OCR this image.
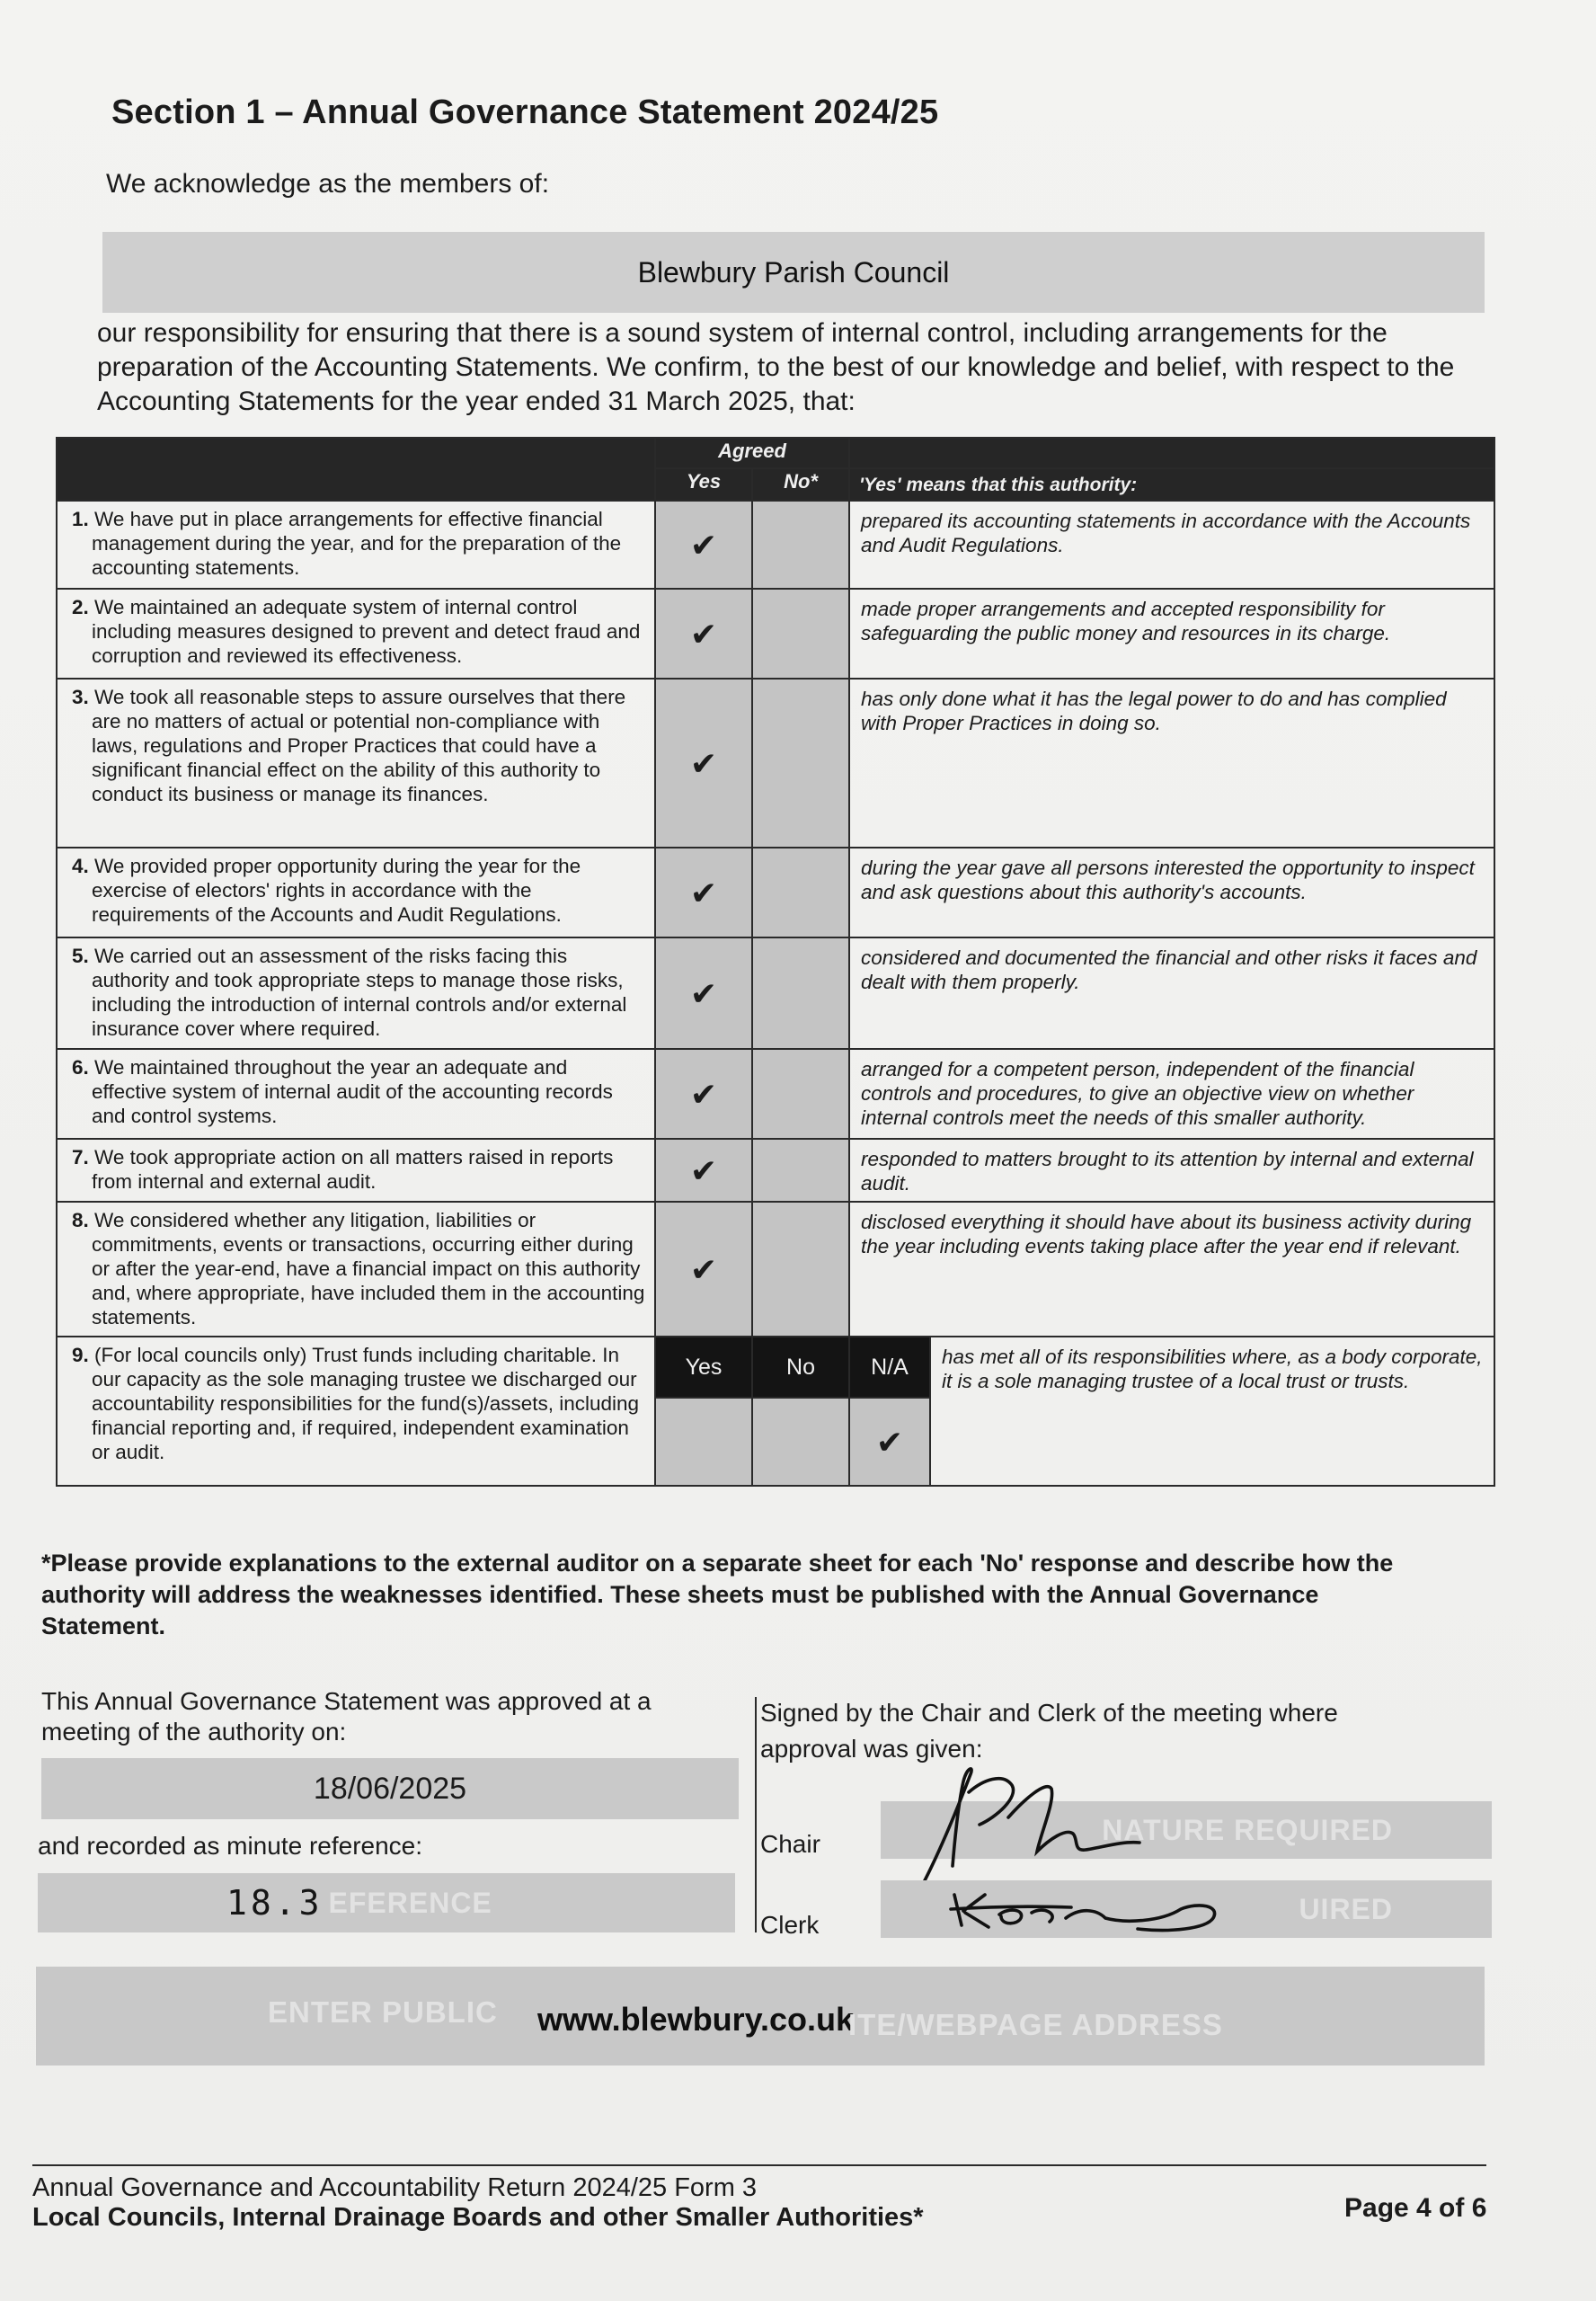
Section 1 – Annual Governance Statement 2024/25
We acknowledge as the members of:
Blewbury Parish Council
our responsibility for ensuring that there is a sound system of internal control, including arrangements for the preparation of the Accounting Statements. We confirm, to the best of our knowledge and belief, with respect to the Accounting Statements for the year ended 31 March 2025, that:
	Agreed			
	Yes	No*	'Yes' means that this authority:	

1. We have put in place arrangements for effective financial management during the year, and for the preparation of the accounting statements.	✔		prepared its accounting statements in accordance with the Accounts and Audit Regulations.	

2. We maintained an adequate system of internal control including measures designed to prevent and detect fraud and corruption and reviewed its effectiveness.	✔		made proper arrangements and accepted responsibility for safeguarding the public money and resources in its charge.	

3. We took all reasonable steps to assure ourselves that there are no matters of actual or potential non-compliance with laws, regulations and Proper Practices that could have a significant financial effect on the ability of this authority to conduct its business or manage its finances.	✔		has only done what it has the legal power to do and has complied with Proper Practices in doing so.	

4. We provided proper opportunity during the year for the exercise of electors' rights in accordance with the requirements of the Accounts and Audit Regulations.	✔		during the year gave all persons interested the opportunity to inspect and ask questions about this authority's accounts.	

5. We carried out an assessment of the risks facing this authority and took appropriate steps to manage those risks, including the introduction of internal controls and/or external insurance cover where required.	✔		considered and documented the financial and other risks it faces and dealt with them properly.	

6. We maintained throughout the year an adequate and effective system of internal audit of the accounting records and control systems.	✔		arranged for a competent person, independent of the financial controls and procedures, to give an objective view on whether internal controls meet the needs of this smaller authority.	

7. We took appropriate action on all matters raised in reports from internal and external audit.	✔		responded to matters brought to its attention by internal and external audit.	

8. We considered whether any litigation, liabilities or commitments, events or transactions, occurring either during or after the year-end, have a financial impact on this authority and, where appropriate, have included them in the accounting statements.	✔		disclosed everything it should have about its business activity during the year including events taking place after the year end if relevant.	

9. (For local councils only) Trust funds including charitable. In our capacity as the sole managing trustee we discharged our accountability responsibilities for the fund(s)/assets, including financial reporting and, if required, independent examination or audit.	Yes	No	N/A	has met all of its responsibilities where, as a body corporate, it is a sole managing trustee of a local trust or trusts.
			✔	
*Please provide explanations to the external auditor on a separate sheet for each 'No' response and describe how the authority will address the weaknesses identified. These sheets must be published with the Annual Governance Statement.
This Annual Governance Statement was approved at a meeting of the authority on:
18/06/2025
and recorded as minute reference:
18.3 EFERENCE
Signed by the Chair and Clerk of the meeting where approval was given:
Chair	NATURE REQUIRED
Clerk	UIRED
ENTER PUBLIC www.blewbury.co.uk
ITE/WEBPAGE ADDRESS
Annual Governance and Accountability Return 2024/25 Form 3
Local Councils, Internal Drainage Boards and other Smaller Authorities*	Page 4 of 6
